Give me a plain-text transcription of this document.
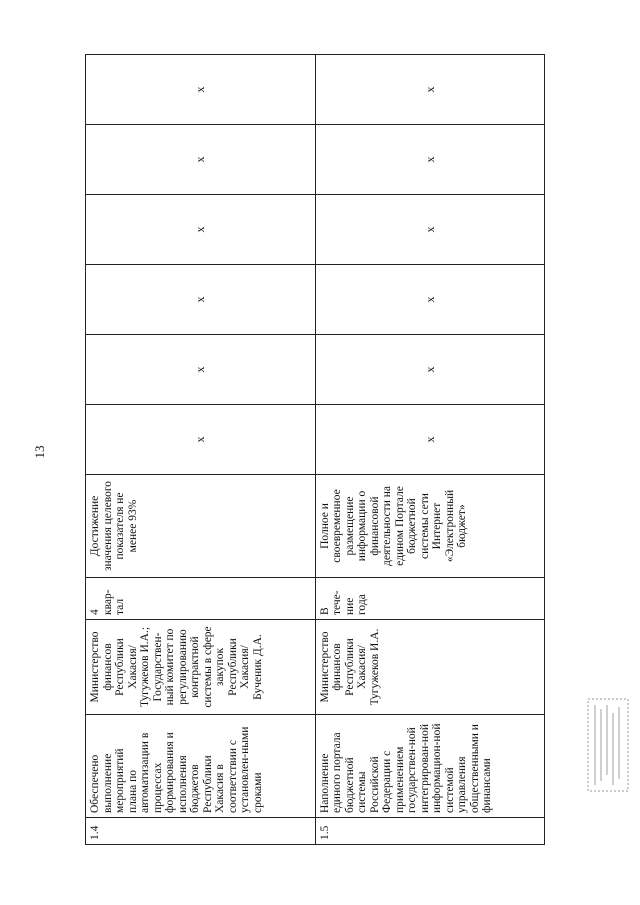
13
1.4	Обеспечено выполнение мероприятий плана по автоматизации в процессах формирования и исполнения бюджетов Республики Хакасия в соответствии с установлен-ными сроками	Министерство финансов Республики Хакасия/ Тугужеков И.А.; Государствен-ный комитет по регулированию контрактной системы в сфере закупок Республики Хакасия/ Бученик Д.А.	4 квар-тал	Достижение значения целевого показателя не менее 93%	x	x	x	x	x	x
1.5	Наполнение единого портала бюджетной системы Российской Федерации с применением государствен-ной интегрирован-ной информацион-ной системой управления общественными и финансами	Министерство финансов Республики Хакасия/ Тугужеков И.А.	В тече-ние года	Полное и своевременное размещение информации о финансовой деятельности на едином Портале бюджетной системы сети Интернет «Электронный бюджет»	x	x	x	x	x	x
